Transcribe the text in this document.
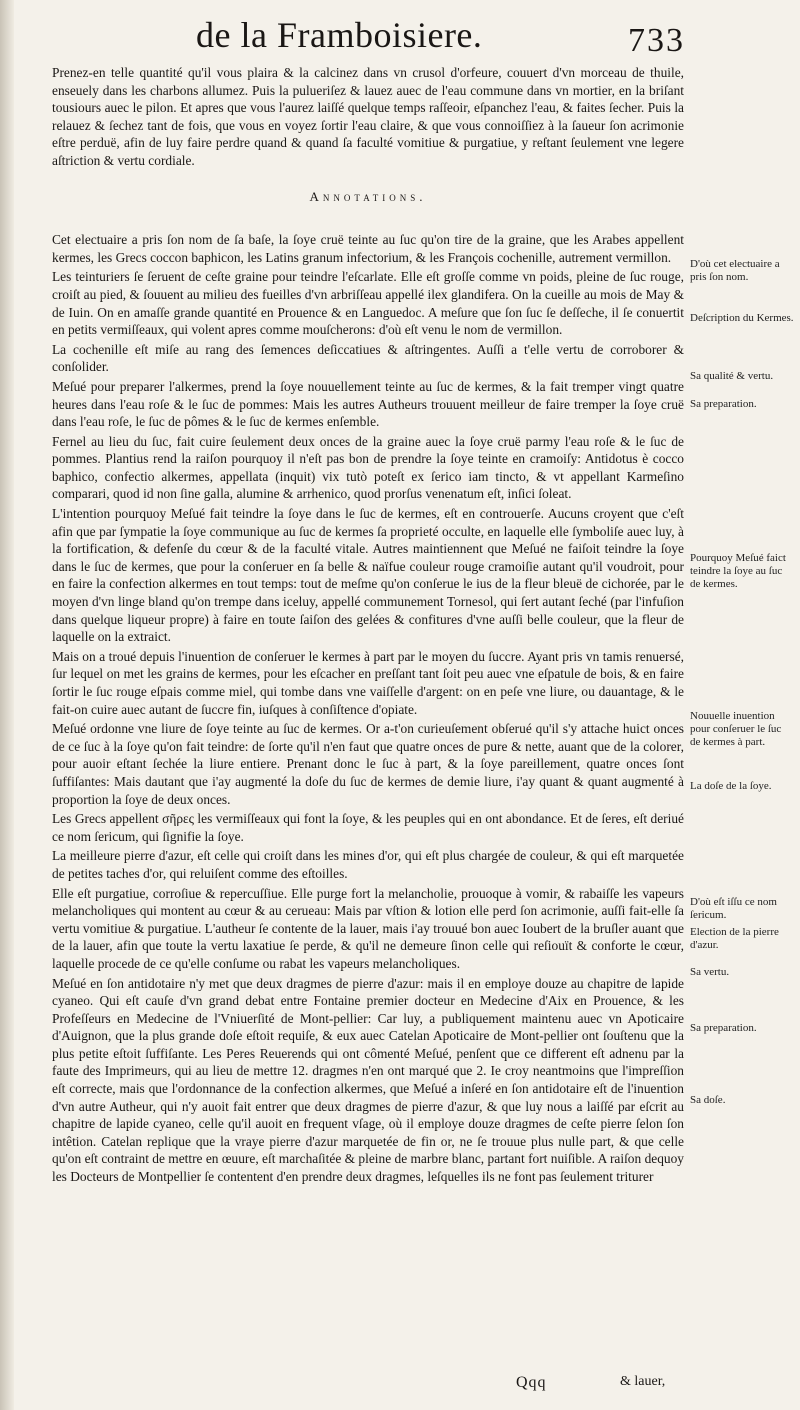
de la Framboisiere.	733

Prenez-en telle quantité qu'il vous plaira & la calcinez dans vn crusol d'orfeure, couuert d'vn morceau de thuile, enseuely dans les charbons allumez. Puis la pulueriſez & lauez auec de l'eau commune dans vn mortier, en la briſant tousiours auec le pilon. Et apres que vous l'aurez laiſſé quelque temps raſſeoir, eſpanchez l'eau, & faites ſecher. Puis la relauez & ſechez tant de fois, que vous en voyez ſortir l'eau claire, & que vous connoiſſiez à la ſaueur ſon acrimonie eſtre perduë, afin de luy faire perdre quand & quand ſa faculté vomitiue & purgatiue, y reſtant ſeulement vne legere aſtriction & vertu cordiale.

Annotations.

Cet electuaire a pris ſon nom de ſa baſe, la ſoye cruë teinte au ſuc qu'on tire de la graine, que les Arabes appellent kermes, les Grecs coccon baphicon, les Latins granum infectorium, & les François cochenille, autrement vermillon.

Les teinturiers ſe ſeruent de ceſte graine pour teindre l'eſcarlate. Elle eſt groſſe comme vn poids, pleine de ſuc rouge, croiſt au pied, & ſouuent au milieu des fueilles d'vn arbriſſeau appellé ilex glandifera. On la cueille au mois de May & de Iuin. On en amaſſe grande quantité en Prouence & en Languedoc. A meſure que ſon ſuc ſe deſſeche, il ſe conuertit en petits vermiſſeaux, qui volent apres comme mouſcherons: d'où eſt venu le nom de vermillon.

La cochenille eſt miſe au rang des ſemences deſiccatiues & aſtringentes. Auſſi a t'elle vertu de corroborer & conſolider.

Meſué pour preparer l'alkermes, prend la ſoye nouuellement teinte au ſuc de kermes, & la fait tremper vingt quatre heures dans l'eau roſe & le ſuc de pommes: Mais les autres Autheurs trouuent meilleur de faire tremper la ſoye cruë dans l'eau roſe, le ſuc de pômes & le ſuc de kermes enſemble.

Fernel au lieu du ſuc, fait cuire ſeulement deux onces de la graine auec la ſoye cruë parmy l'eau roſe & le ſuc de pommes. Plantius rend la raiſon pourquoy il n'eſt pas bon de prendre la ſoye teinte en cramoiſy: Antidotus è cocco baphico, confectio alkermes, appellata (inquit) vix tutò poteſt ex ſerico iam tincto, & vt appellant Karmeſino comparari, quod id non ſine galla, alumine & arrhenico, quod prorſus venenatum eſt, inſici ſoleat.

L'intention pourquoy Meſué fait teindre la ſoye dans le ſuc de kermes, eſt en controuerſe. Aucuns croyent que c'eſt afin que par ſympatie la ſoye communique au ſuc de kermes ſa proprieté occulte, en laquelle elle ſymboliſe auec luy, à la fortification, & defenſe du cœur & de la faculté vitale. Autres maintiennent que Meſué ne faiſoit teindre la ſoye dans le ſuc de kermes, que pour la conſeruer en ſa belle & naïfue couleur rouge cramoiſie autant qu'il voudroit, pour en faire la confection alkermes en tout temps: tout de meſme qu'on conſerue le ius de la fleur bleuë de cichorée, par le moyen d'vn linge bland qu'on trempe dans iceluy, appellé communement Tornesol, qui ſert autant ſeché (par l'infuſion dans quelque liqueur propre) à faire en toute ſaiſon des gelées & confitures d'vne auſſi belle couleur, que la fleur de laquelle on la extraict.

Mais on a troué depuis l'inuention de conſeruer le kermes à part par le moyen du ſuccre. Ayant pris vn tamis renuersé, ſur lequel on met les grains de kermes, pour les eſcacher en preſſant tant ſoit peu auec vne eſpatule de bois, & en faire ſortir le ſuc rouge eſpais comme miel, qui tombe dans vne vaiſſelle d'argent: on en peſe vne liure, ou dauantage, & le fait-on cuire auec autant de ſuccre fin, iuſques à conſiſtence d'opiate.

Meſué ordonne vne liure de ſoye teinte au ſuc de kermes. Or a-t'on curieuſement obſerué qu'il s'y attache huict onces de ce ſuc à la ſoye qu'on fait teindre: de ſorte qu'il n'en faut que quatre onces de pure & nette, auant que de la colorer, pour auoir eſtant ſechée la liure entiere. Prenant donc le ſuc à part, & la ſoye pareillement, quatre onces ſont ſuffiſantes: Mais dautant que i'ay augmenté la doſe du ſuc de kermes de demie liure, i'ay quant & quant augmenté à proportion la ſoye de deux onces.

Les Grecs appellent σῆρες les vermiſſeaux qui font la ſoye, & les peuples qui en ont abondance. Et de ſeres, eſt deriué ce nom ſericum, qui ſignifie la ſoye.

La meilleure pierre d'azur, eſt celle qui croiſt dans les mines d'or, qui eſt plus chargée de couleur, & qui eſt marquetée de petites taches d'or, qui reluiſent comme des eſtoilles.

Elle eſt purgatiue, corroſiue & repercuſſiue. Elle purge fort la melancholie, prouoque à vomir, & rabaiſſe les vapeurs melancholiques qui montent au cœur & au cerueau: Mais par vſtion & lotion elle perd ſon acrimonie, auſſi fait-elle ſa vertu vomitiue & purgatiue. L'autheur ſe contente de la lauer, mais i'ay trouué bon auec Ioubert de la bruſler auant que de la lauer, afin que toute la vertu laxatiue ſe perde, & qu'il ne demeure ſinon celle qui reſiouït & conforte le cœur, laquelle procede de ce qu'elle conſume ou rabat les vapeurs melancholiques.

Meſué en ſon antidotaire n'y met que deux dragmes de pierre d'azur: mais il en employe douze au chapitre de lapide cyaneo. Qui eſt cauſe d'vn grand debat entre Fontaine premier docteur en Medecine d'Aix en Prouence, & les Profeſſeurs en Medecine de l'Vniuerſité de Mont-pellier: Car luy, a publiquement maintenu auec vn Apoticaire d'Auignon, que la plus grande doſe eſtoit requiſe, & eux auec Catelan Apoticaire de Mont-pellier ont ſouſtenu que la plus petite eſtoit ſuffiſante. Les Peres Reuerends qui ont cômenté Meſué, penſent que ce different eſt adnenu par la faute des Imprimeurs, qui au lieu de mettre 12. dragmes n'en ont marqué que 2. Ie croy neantmoins que l'impreſſion eſt correcte, mais que l'ordonnance de la confection alkermes, que Meſué a inſeré en ſon antidotaire eſt de l'inuention d'vn autre Autheur, qui n'y auoit fait entrer que deux dragmes de pierre d'azur, & que luy nous a laiſſé par eſcrit au chapitre de lapide cyaneo, celle qu'il auoit en frequent vſage, où il employe douze dragmes de ceſte pierre ſelon ſon intêtion. Catelan replique que la vraye pierre d'azur marquetée de fin or, ne ſe trouue plus nulle part, & que celle qu'on eſt contraint de mettre en œuure, eſt marchaſitée & pleine de marbre blanc, partant fort nuiſible. A raiſon dequoy les Docteurs de Montpellier ſe contentent d'en prendre deux dragmes, leſquelles ils ne font pas ſeulement triturer

D'où cet electuaire a pris ſon nom.
Deſcription du Kermes.
Sa qualité & vertu.
Sa preparation.
Pourquoy Meſué faict teindre la ſoye au ſuc de kermes.
Nouuelle inuention pour conſeruer le ſuc de kermes à part.
La doſe de la ſoye.
D'où eſt iſſu ce nom ſericum.
Election de la pierre d'azur.
Sa vertu.
Sa preparation.
Sa doſe.
Qqq	& lauer,
